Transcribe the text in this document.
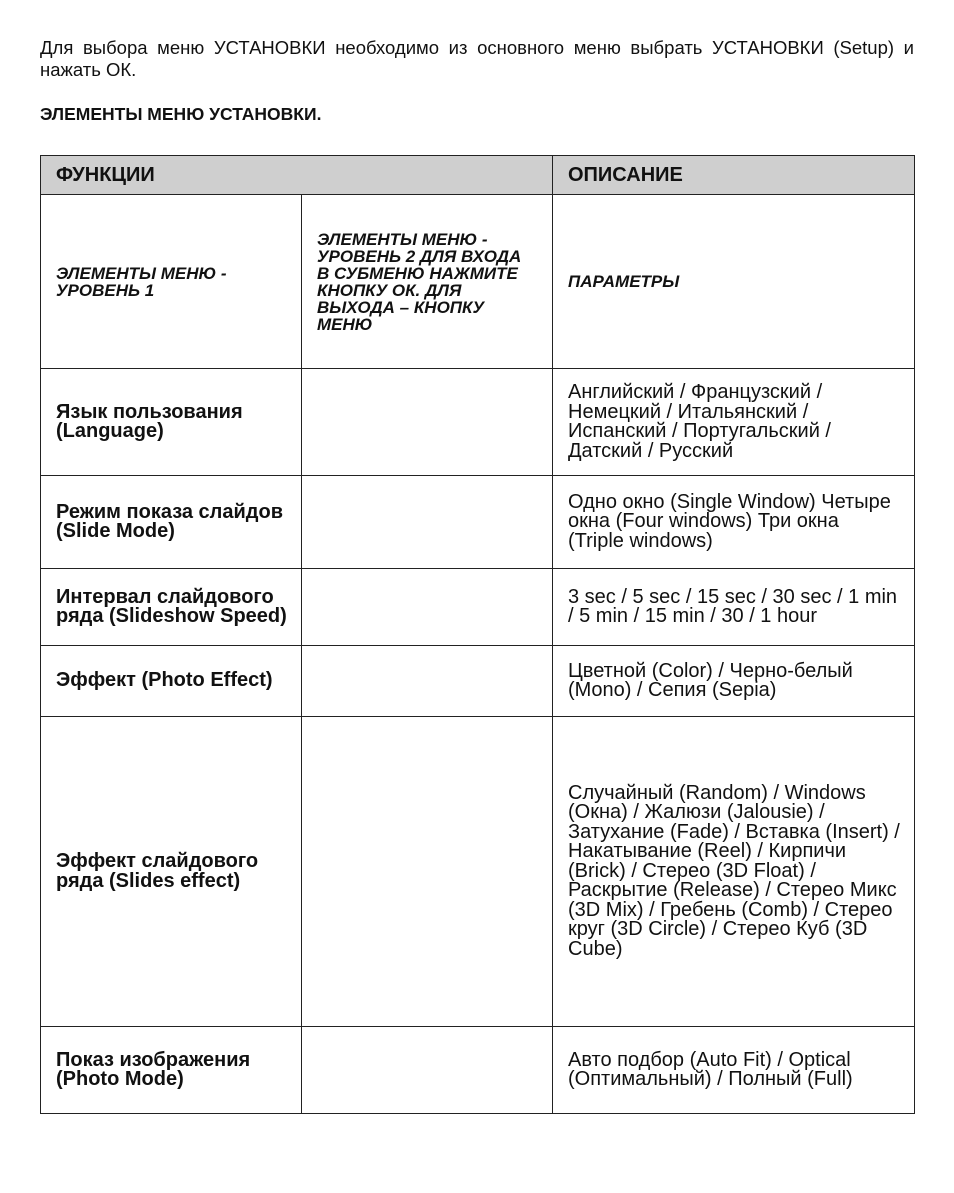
Для выбора меню УСТАНОВКИ необходимо из основного меню выбрать УСТАНОВКИ (Setup) и нажать ОК.
ЭЛЕМЕНТЫ МЕНЮ УСТАНОВКИ.
ФУНКЦИИ		ОПИСАНИЕ
ЭЛЕМЕНТЫ МЕНЮ - УРОВЕНЬ 1	ЭЛЕМЕНТЫ МЕНЮ - УРОВЕНЬ 2 ДЛЯ ВХОДА В СУБМЕНЮ НАЖМИТЕ КНОПКУ ОК. ДЛЯ ВЫХОДА – КНОПКУ МЕНЮ	ПАРАМЕТРЫ
Язык пользования (Language)		Английский / Французский / Немецкий / Итальянский / Испанский / Португальский / Датский / Русский
Режим показа слайдов (Slide Mode)		Одно окно (Single Window) Четыре окна (Four windows) Три окна (Triple windows)
Интервал слайдового ряда (Slideshow Speed)		3 sec / 5 sec / 15 sec / 30 sec / 1 min / 5 min / 15 min / 30 / 1 hour
Эффект (Photo Effect)		Цветной (Color) / Черно-белый (Mono) / Сепия (Sepia)
Эффект слайдового ряда (Slides effect)		Случайный (Random) / Windows (Окна) / Жалюзи (Jalousie) / Затухание (Fade) / Вставка (Insert) / Накатывание (Reel) / Кирпичи (Brick) / Стерео (3D Float) / Раскрытие (Release) / Стерео Микс (3D Mix) / Гребень (Comb) / Стерео круг (3D Circle) / Стерео Куб (3D Cube)
Показ изображения (Photo Mode)		Авто подбор (Auto Fit) / Optical (Оптимальный) / Полный (Full)
